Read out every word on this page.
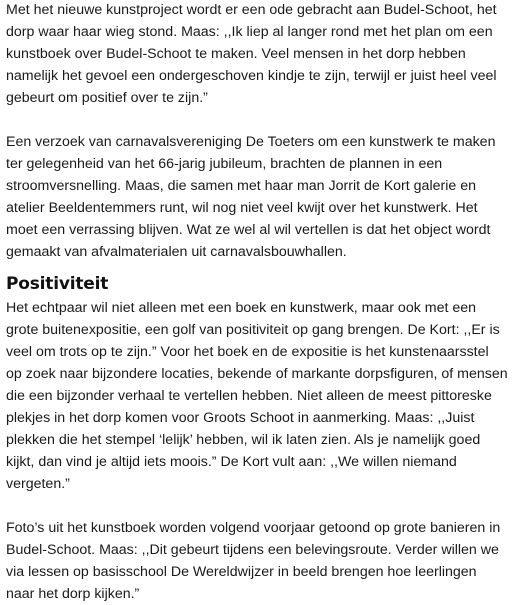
Met het nieuwe kunstproject wordt er een ode gebracht aan Budel-Schoot, het dorp waar haar wieg stond. Maas: ,,Ik liep al langer rond met het plan om een kunstboek over Budel-Schoot te maken. Veel mensen in het dorp hebben namelijk het gevoel een ondergeschoven kindje te zijn, terwijl er juist heel veel gebeurt om positief over te zijn.”

Een verzoek van carnavalsvereniging De Toeters om een kunstwerk te maken ter gelegenheid van het 66-jarig jubileum, brachten de plannen in een stroomversnelling. Maas, die samen met haar man Jorrit de Kort galerie en atelier Beeldentemmers runt, wil nog niet veel kwijt over het kunstwerk. Het moet een verrassing blijven. Wat ze wel al wil vertellen is dat het object wordt gemaakt van afvalmaterialen uit carnavalsbouwhallen.

Positiviteit

Het echtpaar wil niet alleen met een boek en kunstwerk, maar ook met een grote buitenexpositie, een golf van positiviteit op gang brengen. De Kort: ,,Er is veel om trots op te zijn.” Voor het boek en de expositie is het kunstenaarsstel op zoek naar bijzondere locaties, bekende of markante dorpsfiguren, of mensen die een bijzonder verhaal te vertellen hebben. Niet alleen de meest pittoreske plekjes in het dorp komen voor Groots Schoot in aanmerking. Maas: ,,Juist plekken die het stempel ‘lelijk’ hebben, wil ik laten zien. Als je namelijk goed kijkt, dan vind je altijd iets moois.” De Kort vult aan: ,,We willen niemand vergeten.”

Foto’s uit het kunstboek worden volgend voorjaar getoond op grote banieren in Budel-Schoot. Maas: ,,Dit gebeurt tijdens een belevingsroute. Verder willen we via lessen op basisschool De Wereldwijzer in beeld brengen hoe leerlingen naar het dorp kijken.”
